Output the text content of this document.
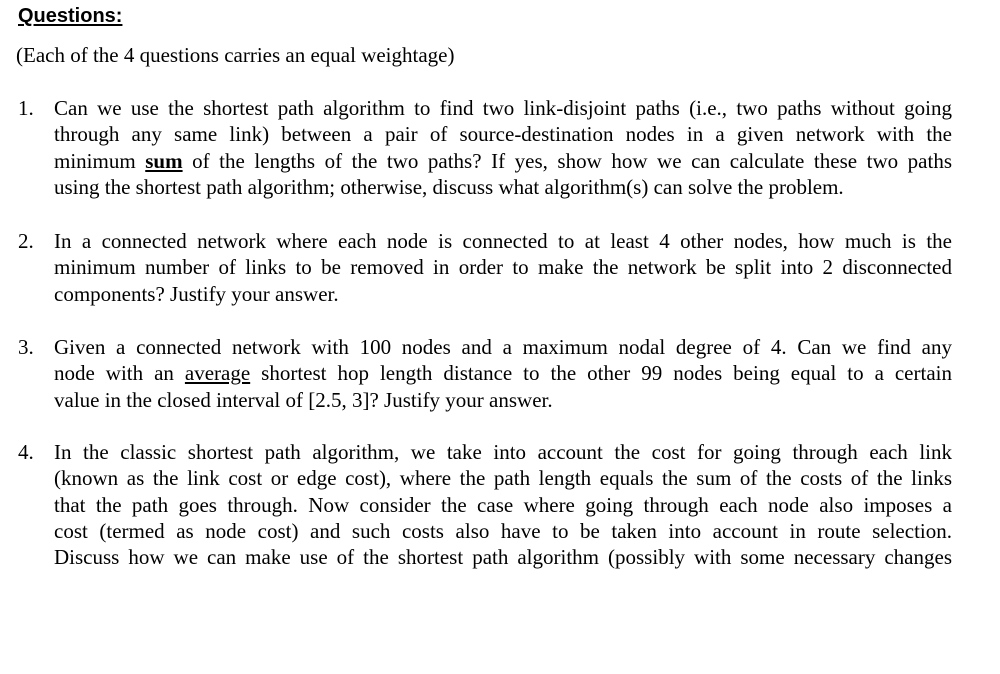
Questions:

(Each of the 4 questions carries an equal weightage)

1. Can we use the shortest path algorithm to find two link-disjoint paths (i.e., two paths without going
through any same link) between a pair of source-destination nodes in a given network with the
minimum sum of the lengths of the two paths? If yes, show how we can calculate these two paths
using the shortest path algorithm; otherwise, discuss what algorithm(s) can solve the problem.
2. In a connected network where each node is connected to at least 4 other nodes, how much is the
minimum number of links to be removed in order to make the network be split into 2 disconnected
components? Justify your answer.
3. Given a connected network with 100 nodes and a maximum nodal degree of 4. Can we find any
node with an average shortest hop length distance to the other 99 nodes being equal to a certain
value in the closed interval of [2.5, 3]? Justify your answer.
4. In the classic shortest path algorithm, we take into account the cost for going through each link
(known as the link cost or edge cost), where the path length equals the sum of the costs of the links
that the path goes through. Now consider the case where going through each node also imposes a
cost (termed as node cost) and such costs also have to be taken into account in route selection.
Discuss how we can make use of the shortest path algorithm (possibly with some necessary changes
